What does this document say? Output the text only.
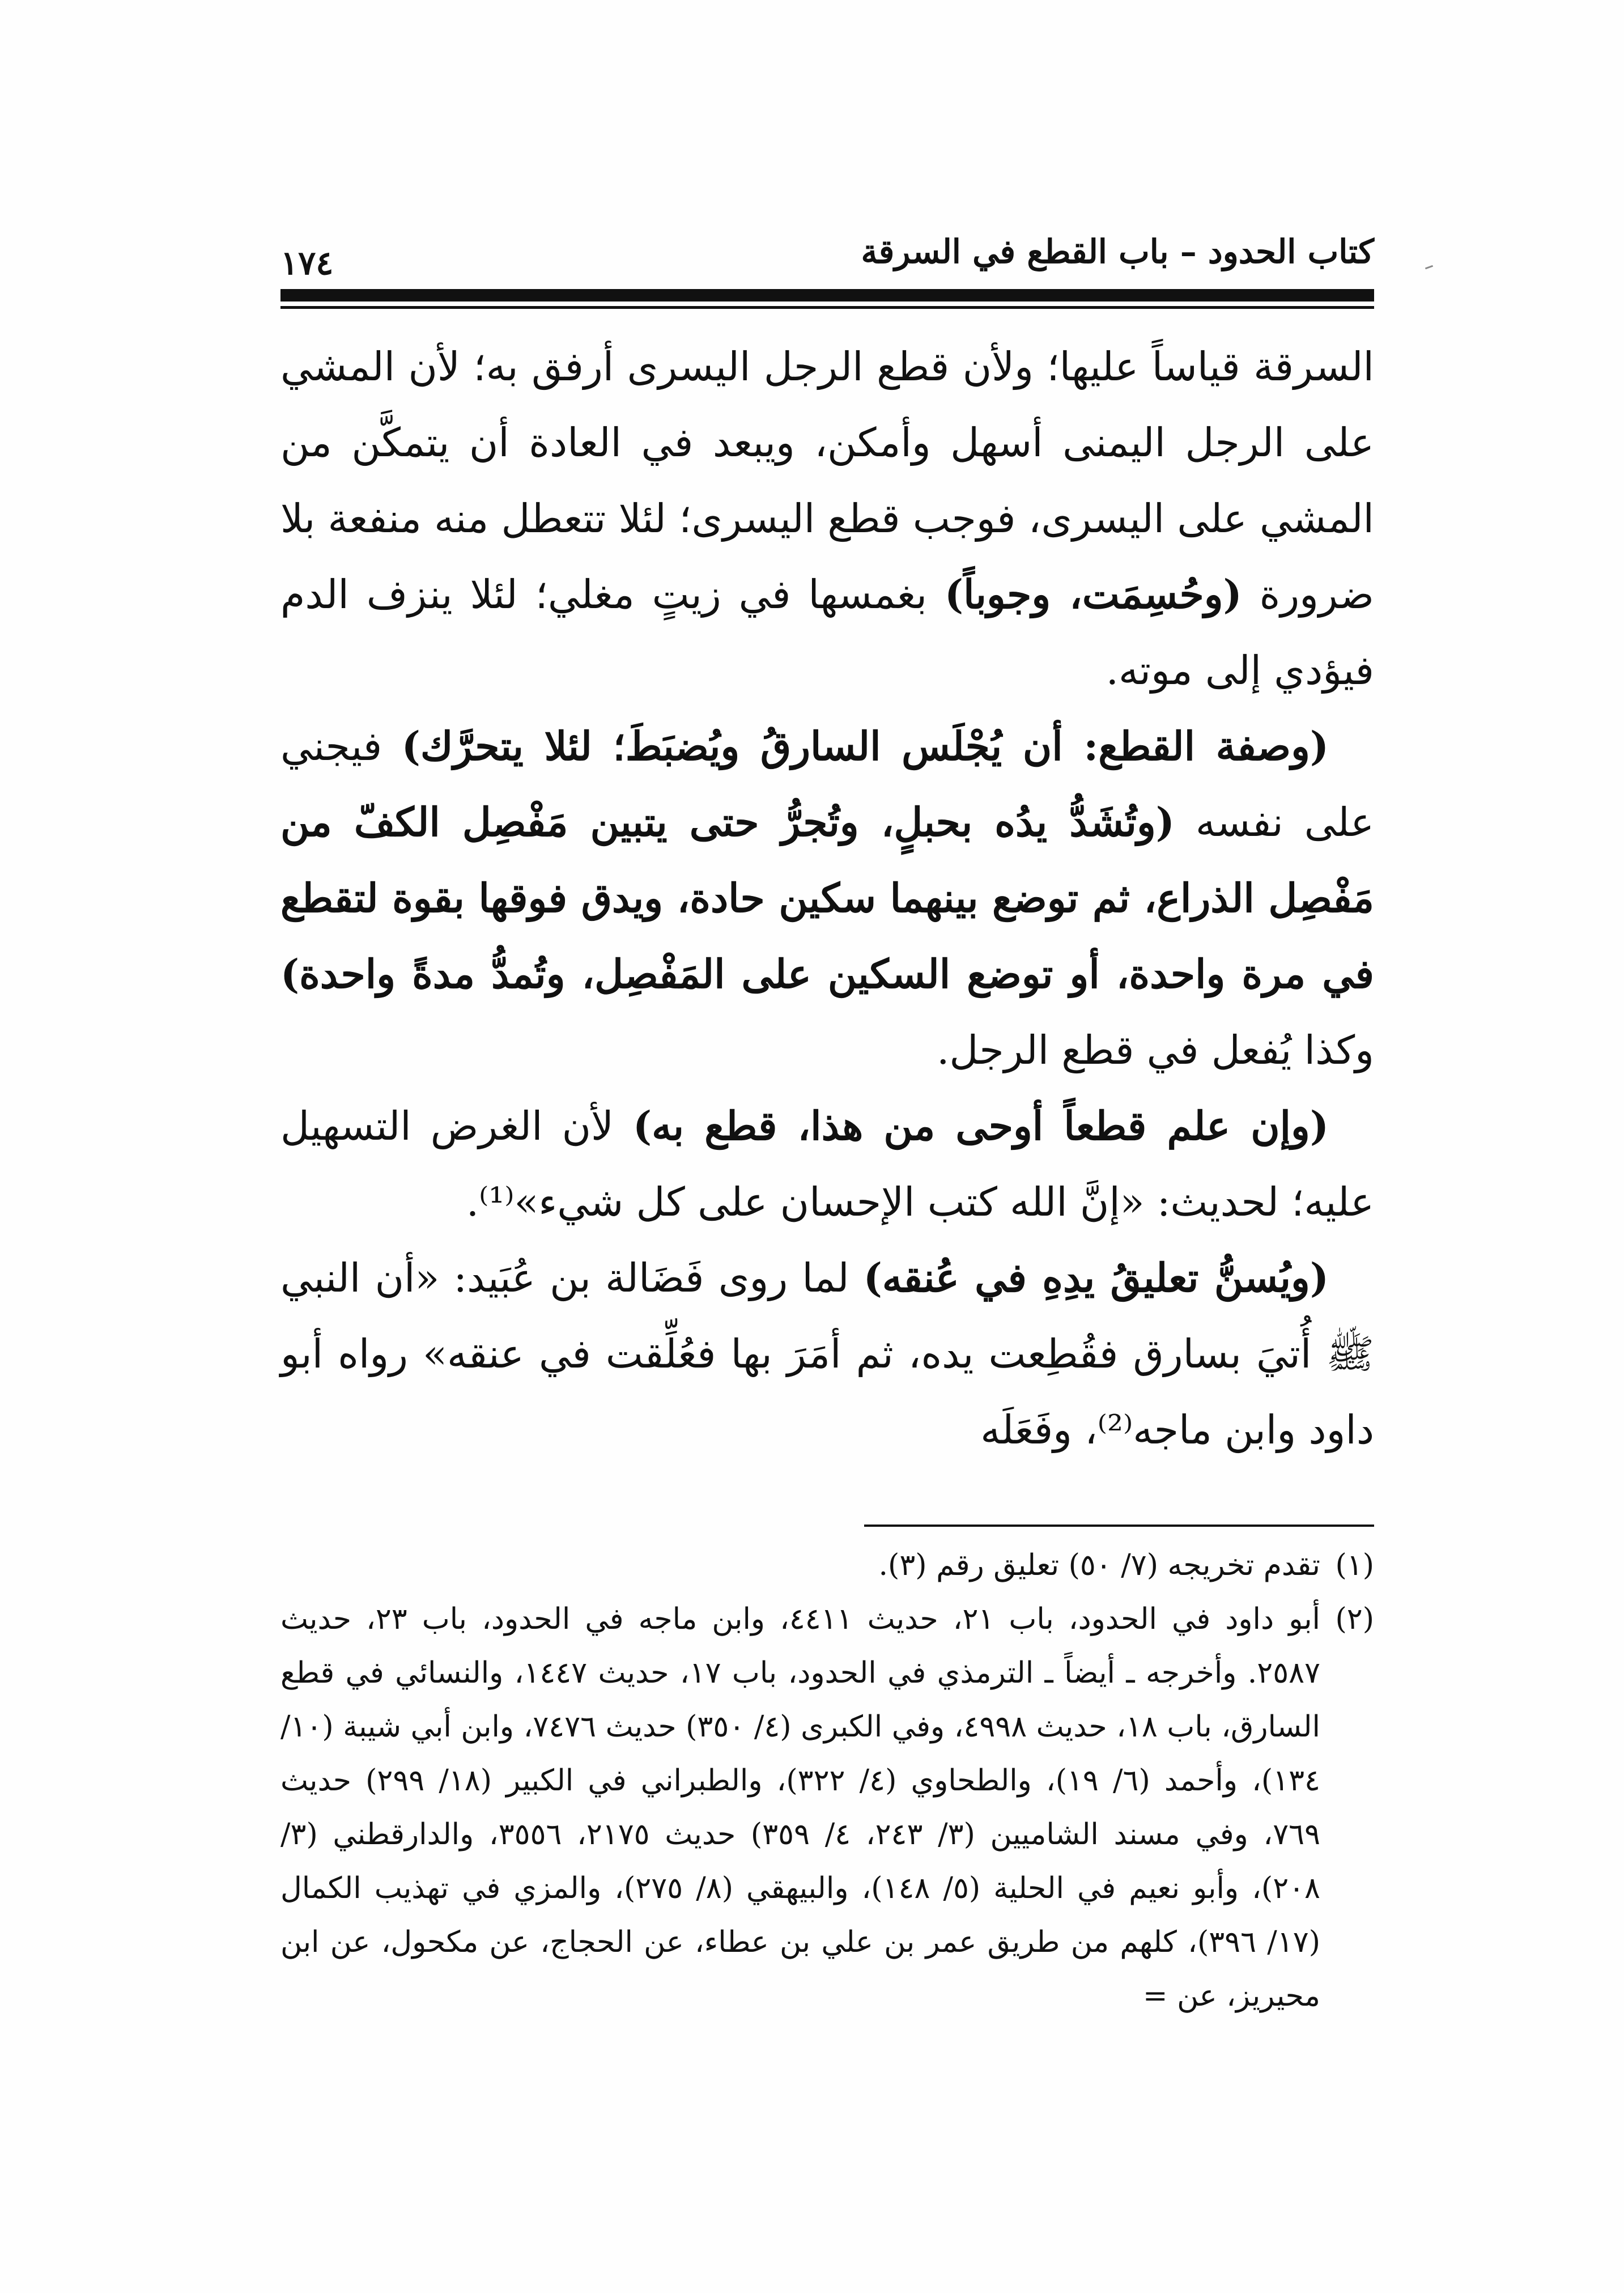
كتاب الحدود – باب القطع في السرقة
١٧٤

السرقة قياساً عليها؛ ولأن قطع الرجل اليسرى أرفق به؛ لأن المشي على الرجل اليمنى أسهل وأمكن، ويبعد في العادة أن يتمكَّن من المشي على اليسرى، فوجب قطع اليسرى؛ لئلا تتعطل منه منفعة بلا ضرورة (وحُسِمَت، وجوباً) بغمسها في زيتٍ مغلي؛ لئلا ينزف الدم فيؤدي إلى موته.

(وصفة القطع: أن يُجْلَس السارقُ ويُضبَطَ؛ لئلا يتحرَّك) فيجني على نفسه (وتُشَدُّ يدُه بحبلٍ، وتُجرُّ حتى يتبين مَفْصِل الكفّ من مَفْصِل الذراع، ثم توضع بينهما سكين حادة، ويدق فوقها بقوة لتقطع في مرة واحدة، أو توضع السكين على المَفْصِل، وتُمدُّ مدةً واحدة) وكذا يُفعل في قطع الرجل.

(وإن علم قطعاً أوحى من هذا، قطع به) لأن الغرض التسهيل عليه؛ لحديث: «إنَّ الله كتب الإحسان على كل شيء»⁽¹⁾.

(ويُسنُّ تعليقُ يدِهِ في عُنقه) لما روى فَضَالة بن عُبَيد: «أن النبي ﷺ أُتيَ بسارق فقُطِعت يده، ثم أمَرَ بها فعُلِّقت في عنقه» رواه أبو داود وابن ماجه⁽²⁾، وفَعَلَه

(١)
تقدم تخريجه (٧/ ٥٠) تعليق رقم (٣).
(٢)
أبو داود في الحدود، باب ٢١، حديث ٤٤١١، وابن ماجه في الحدود، باب ٢٣، حديث ٢٥٨٧. وأخرجه ـ أيضاً ـ الترمذي في الحدود، باب ١٧، حديث ١٤٤٧، والنسائي في قطع السارق، باب ١٨، حديث ٤٩٩٨، وفي الكبرى (٤/ ٣٥٠) حديث ٧٤٧٦، وابن أبي شيبة (١٠/ ١٣٤)، وأحمد (٦/ ١٩)، والطحاوي (٤/ ٣٢٢)، والطبراني في الكبير (١٨/ ٢٩٩) حديث ٧٦٩، وفي مسند الشاميين (٣/ ٢٤٣، ٤/ ٣٥٩) حديث ٢١٧٥، ٣٥٥٦، والدارقطني (٣/ ٢٠٨)، وأبو نعيم في الحلية (٥/ ١٤٨)، والبيهقي (٨/ ٢٧٥)، والمزي في تهذيب الكمال (١٧/ ٣٩٦)، كلهم من طريق عمر بن علي بن عطاء، عن الحجاج، عن مكحول، عن ابن محيريز، عن =
